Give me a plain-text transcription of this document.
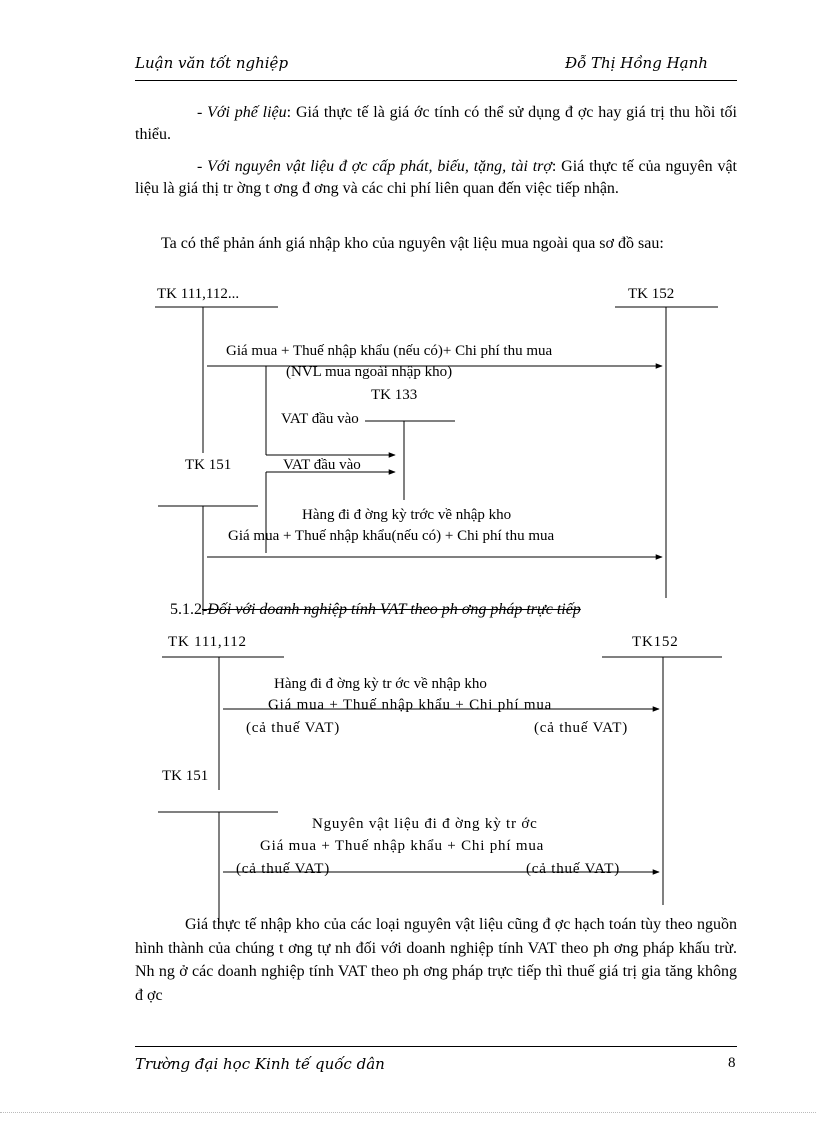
Luận văn tốt nghiệp	Đỗ Thị Hồng Hạnh
- Với phế liệu: Giá thực tế là giá ớc tính có thể sử dụng đ ợc hay giá trị thu hồi tối thiểu.
- Với nguyên vật liệu đ ợc cấp phát, biếu, tặng, tài trợ: Giá thực tế của nguyên vật liệu là giá thị tr ờng t ơng đ ơng và các chi phí liên quan đến việc tiếp nhận.
Ta có thể phản ánh giá nhập kho của nguyên vật liệu mua ngoài qua sơ đồ sau:
TK 111,112...	TK 152
Giá mua + Thuế nhập khẩu (nếu có)+ Chi phí thu mua
(NVL mua ngoài nhập kho)
TK 133
VAT đầu vào
TK 151	VAT đầu vào
Hàng đi đ ờng kỳ trớc về nhập kho
Giá mua + Thuế nhập khẩu(nếu có) + Chi phí thu mua
5.1.2-Đối với doanh nghiệp tính VAT theo ph ơng pháp trực tiếp
TK 111,112	TK152
Hàng đi đ ờng kỳ tr ớc về nhập kho
Giá mua + Thuế nhập khẩu + Chi phí mua
(cả thuế VAT)	(cả thuế VAT)
TK 151
Nguyên vật liệu đi đ ờng kỳ tr ớc
Giá mua + Thuế nhập khẩu + Chi phí mua
(cả thuế VAT)	(cả thuế VAT)
Giá thực tế nhập kho của các loại nguyên vật liệu cũng đ ợc hạch toán tùy theo nguồn hình thành của chúng t ơng tự nh đối với doanh nghiệp tính VAT theo ph ơng pháp khấu trừ. Nh ng ở các doanh nghiệp tính VAT theo ph ơng pháp trực tiếp thì thuế giá trị gia tăng không đ ợc
Trường đại học Kinh tế quốc dân	8
